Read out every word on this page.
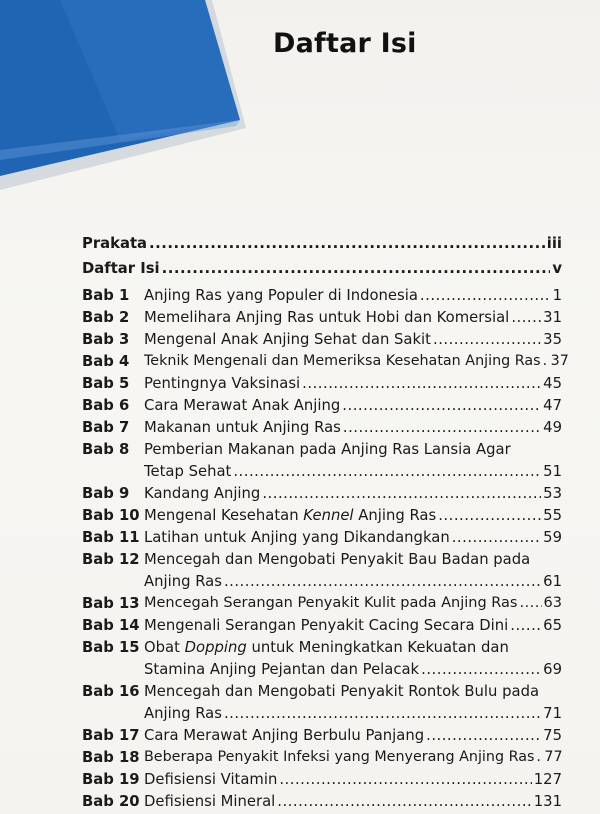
Daftar Isi
Prakata .....	iii
Daftar Isi .....	v
Bab 1 Anjing Ras yang Populer di Indonesia .....	1
Bab 2 Memelihara Anjing Ras untuk Hobi dan Komersial ..... 31
Bab 3 Mengenal Anak Anjing Sehat dan Sakit .....	35
Bab 4 Teknik Mengenali dan Memeriksa Kesehatan Anjing Ras ..... 37
Bab 5 Pentingnya Vaksinasi .....	45
Bab 6 Cara Merawat Anak Anjing .....	47
Bab 7 Makanan untuk Anjing Ras .....	49
Bab 8 Pemberian Makanan pada Anjing Ras Lansia Agar
Tetap Sehat .....	51
Bab 9 Kandang Anjing .....	53
Bab 10 Mengenal Kesehatan Kennel Anjing Ras .....	55
Bab 11 Latihan untuk Anjing yang Dikandangkan .....	59
Bab 12 Mencegah dan Mengobati Penyakit Bau Badan pada
Anjing Ras .....	61
Bab 13 Mencegah Serangan Penyakit Kulit pada Anjing Ras ..... 63
Bab 14 Mengenali Serangan Penyakit Cacing Secara Dini ..... 65
Bab 15 Obat Dopping untuk Meningkatkan Kekuatan dan
Stamina Anjing Pejantan dan Pelacak .....	69
Bab 16 Mencegah dan Mengobati Penyakit Rontok Bulu pada
Anjing Ras .....	71
Bab 17 Cara Merawat Anjing Berbulu Panjang .....	75
Bab 18 Beberapa Penyakit Infeksi yang Menyerang Anjing Ras ..... 77
Bab 19 Defisiensi Vitamin .....	127
Bab 20 Defisiensi Mineral .....	131
